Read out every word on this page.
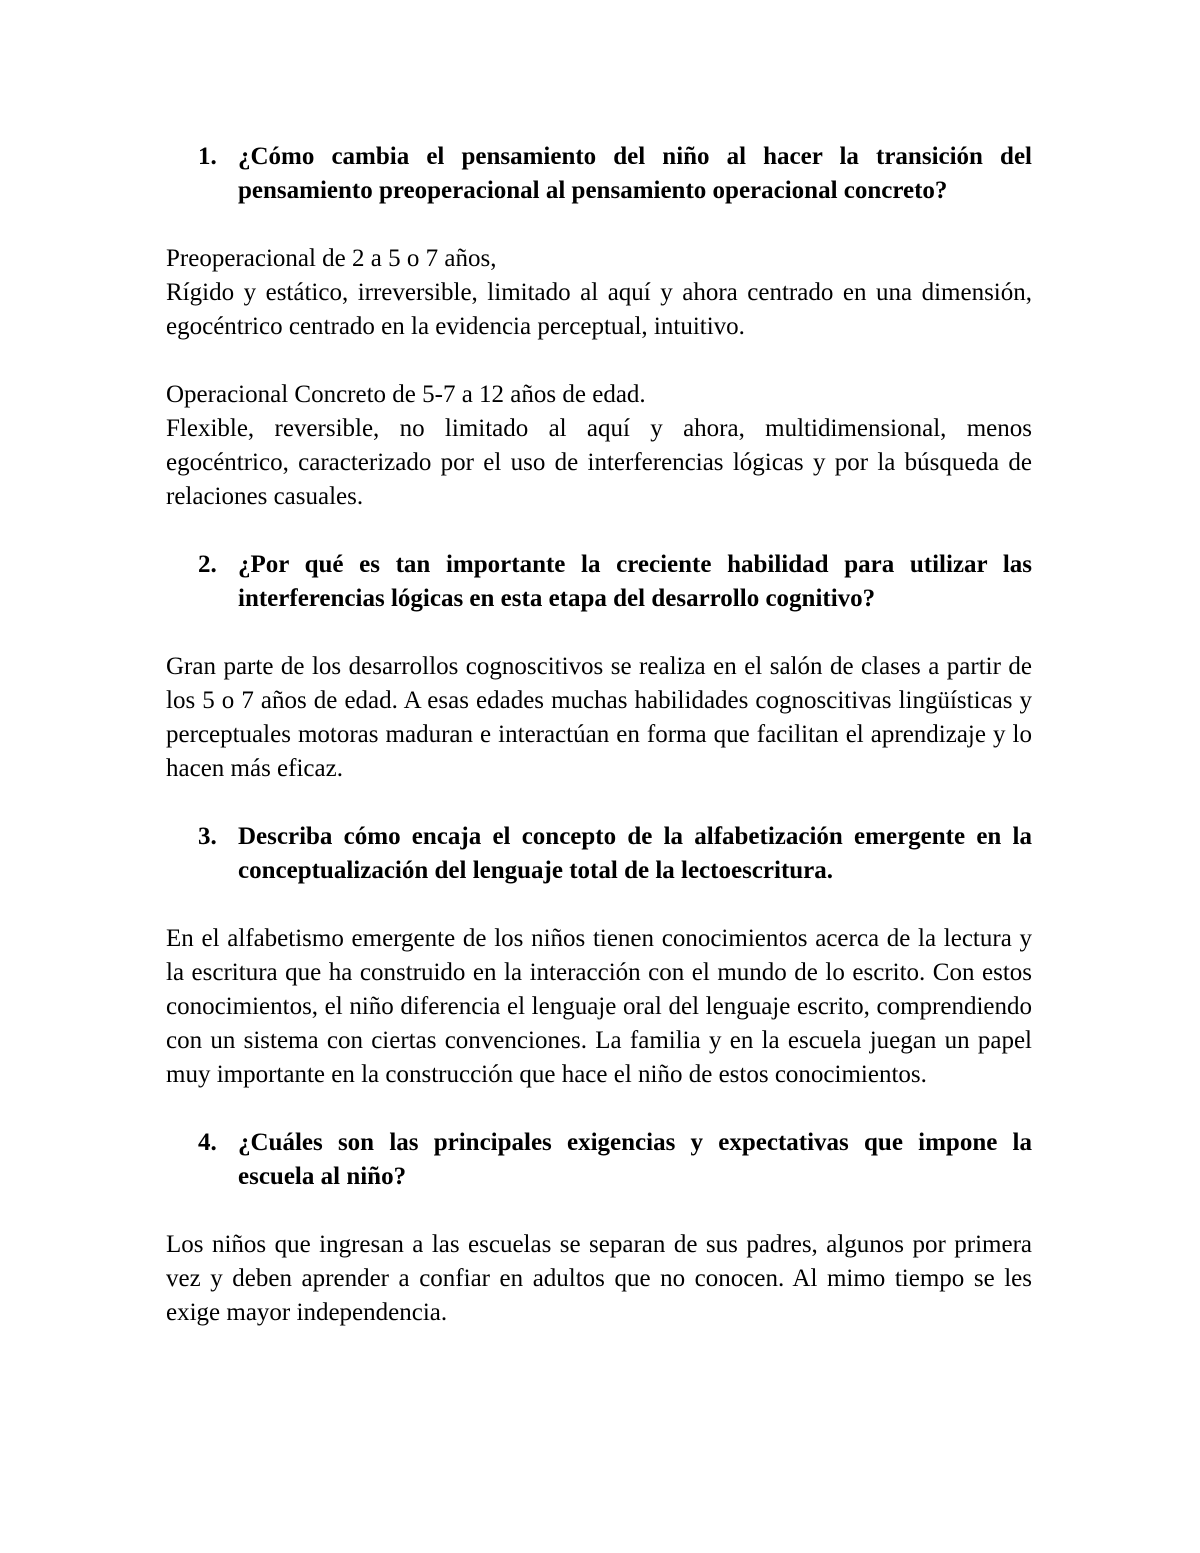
1. ¿Cómo cambia el pensamiento del niño al hacer la transición del pensamiento preoperacional al pensamiento operacional concreto?

Preoperacional de 2 a 5 o 7 años,

Rígido y estático, irreversible, limitado al aquí y ahora centrado en una dimensión, egocéntrico centrado en la evidencia perceptual, intuitivo.

Operacional Concreto de 5-7 a 12 años de edad.

Flexible, reversible, no limitado al aquí y ahora, multidimensional, menos egocéntrico, caracterizado por el uso de interferencias lógicas y por la búsqueda de relaciones casuales.

2. ¿Por qué es tan importante la creciente habilidad para utilizar las interferencias lógicas en esta etapa del desarrollo cognitivo?

Gran parte de los desarrollos cognoscitivos se realiza en el salón de clases a partir de los 5 o 7 años de edad. A esas edades muchas habilidades cognoscitivas lingüísticas y perceptuales motoras maduran e interactúan en forma que facilitan el aprendizaje y lo hacen más eficaz.

3. Describa cómo encaja el concepto de la alfabetización emergente en la conceptualización del lenguaje total de la lectoescritura.

En el alfabetismo emergente de los niños tienen conocimientos acerca de la lectura y la escritura que ha construido en la interacción con el mundo de lo escrito. Con estos conocimientos, el niño diferencia el lenguaje oral del lenguaje escrito, comprendiendo con un sistema con ciertas convenciones. La familia y en la escuela juegan un papel muy importante en la construcción que hace el niño de estos conocimientos.

4. ¿Cuáles son las principales exigencias y expectativas que impone la escuela al niño?

Los niños que ingresan a las escuelas se separan de sus padres, algunos por primera vez y deben aprender a confiar en adultos que no conocen. Al mimo tiempo se les exige mayor independencia.
